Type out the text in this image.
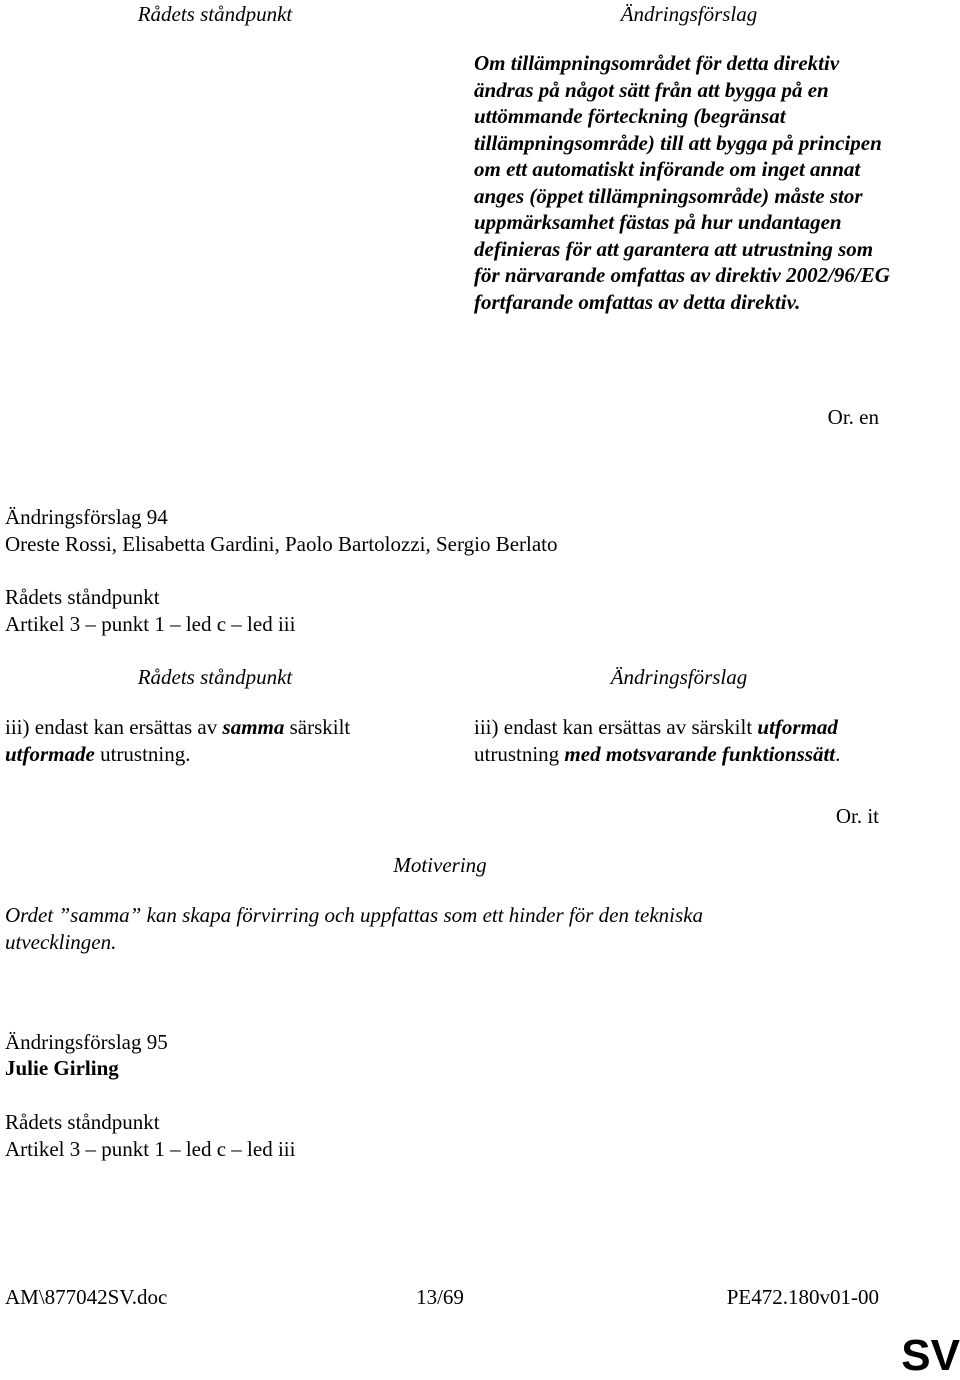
Rådets ståndpunkt	Ändringsförslag
Om tillämpningsområdet för detta direktiv ändras på något sätt från att bygga på en uttömmande förteckning (begränsat tillämpningsområde) till att bygga på principen om ett automatiskt införande om inget annat anges (öppet tillämpningsområde) måste stor uppmärksamhet fästas på hur undantagen definieras för att garantera att utrustning som för närvarande omfattas av direktiv 2002/96/EG fortfarande omfattas av detta direktiv.
Or. en
Ändringsförslag 94
Oreste Rossi, Elisabetta Gardini, Paolo Bartolozzi, Sergio Berlato
Rådets ståndpunkt
Artikel 3 – punkt 1 – led c – led iii
Rådets ståndpunkt	Ändringsförslag

iii) endast kan ersättas av samma särskilt utformade utrustning.

iii) endast kan ersättas av särskilt utformad utrustning med motsvarande funktionssätt.

Or. it
Motivering
Ordet ”samma” kan skapa förvirring och uppfattas som ett hinder för den tekniska utvecklingen.
Ändringsförslag 95
Julie Girling
Rådets ståndpunkt
Artikel 3 – punkt 1 – led c – led iii
AM\877042SV.doc	13/69	PE472.180v01-00
SV
